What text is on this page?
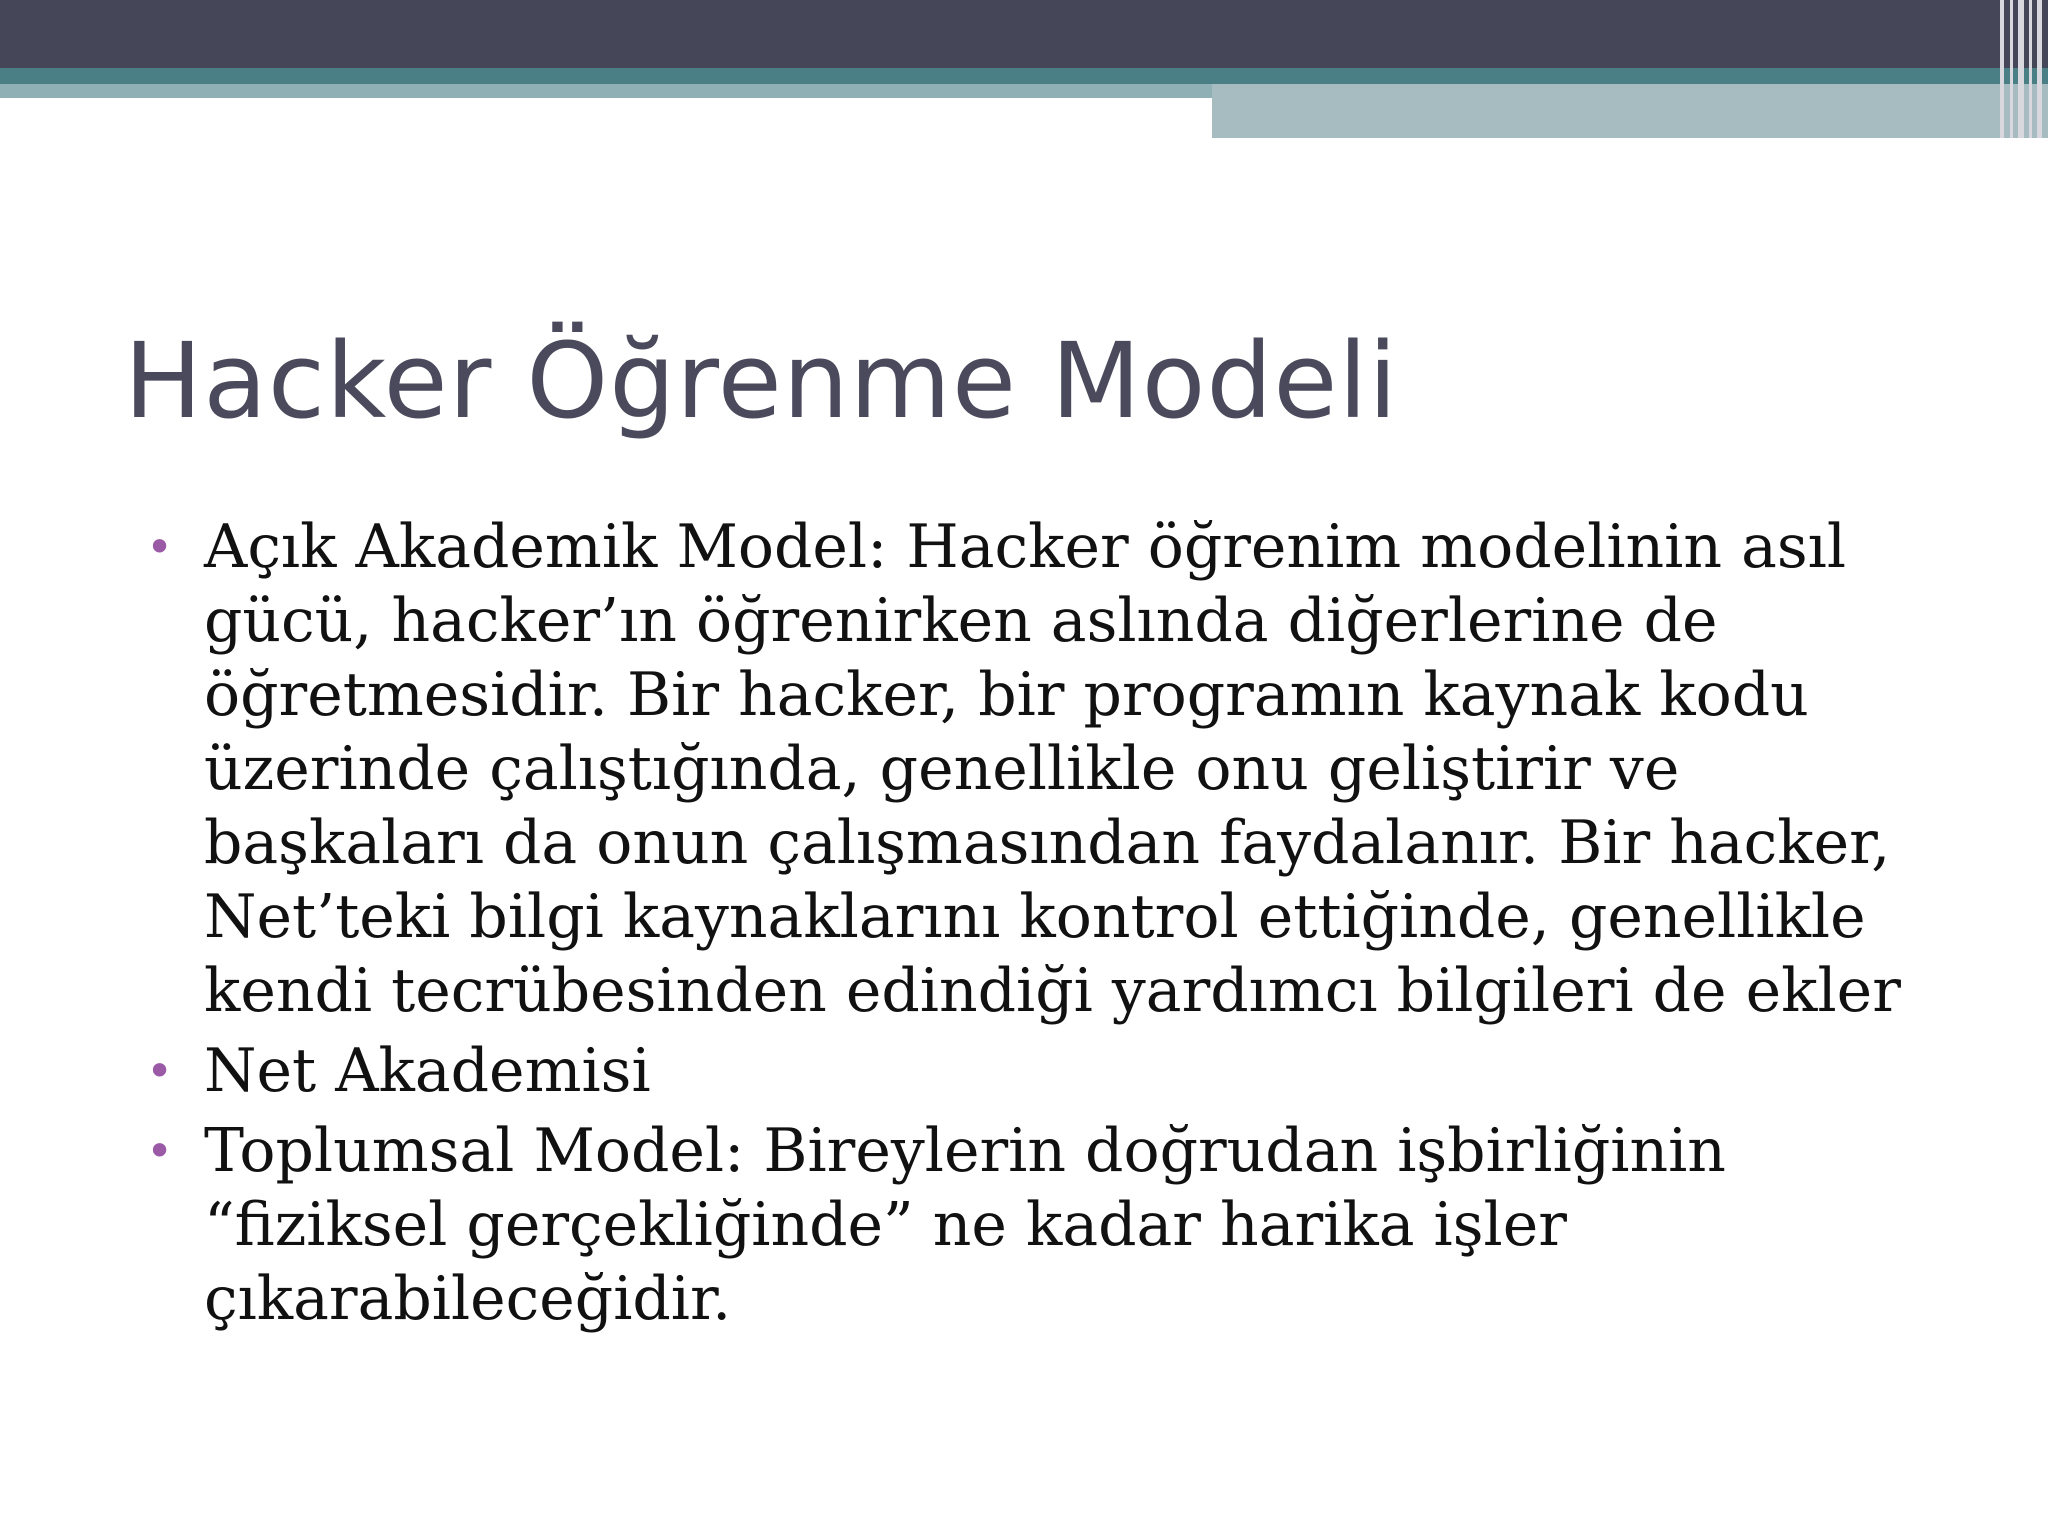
Hacker Öğrenme Modeli
• Açık Akademik Model: Hacker öğrenim modelinin asıl
gücü, hacker’ın öğrenirken aslında diğerlerine de
öğretmesidir. Bir hacker, bir programın kaynak kodu
üzerinde çalıştığında, genellikle onu geliştirir ve
başkaları da onun çalışmasından faydalanır. Bir hacker,
Net’teki bilgi kaynaklarını kontrol ettiğinde, genellikle
kendi tecrübesinden edindiği yardımcı bilgileri de ekler
• Net Akademisi
• Toplumsal Model: Bireylerin doğrudan işbirliğinin
“fiziksel gerçekliğinde” ne kadar harika işler
çıkarabileceğidir.
